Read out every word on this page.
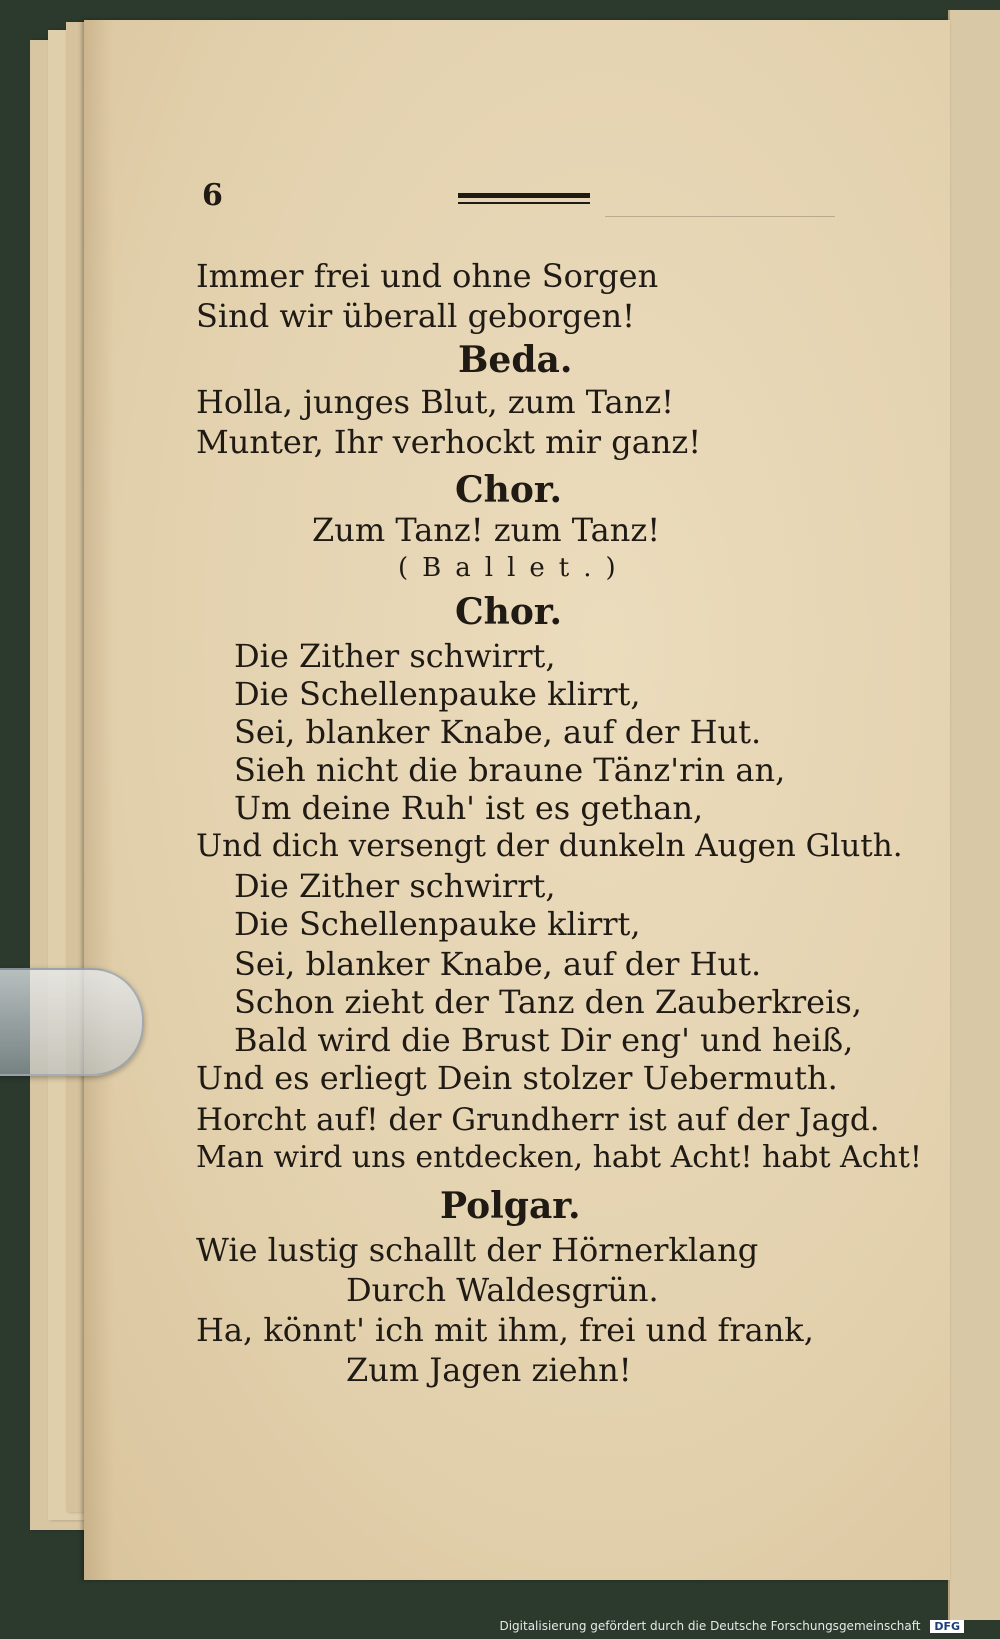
6
Immer frei und ohne Sorgen
Sind wir überall geborgen!
Beda.
Holla, junges Blut, zum Tanz!
Munter, Ihr verhockt mir ganz!
Chor.
Zum Tanz! zum Tanz!
(Ballet.)
Chor.
Die Zither schwirrt,
Die Schellenpauke klirrt,
Sei, blanker Knabe, auf der Hut.
Sieh nicht die braune Tänz'rin an,
Um deine Ruh' ist es gethan,
Und dich versengt der dunkeln Augen Gluth.
Die Zither schwirrt,
Die Schellenpauke klirrt,
Sei, blanker Knabe, auf der Hut.
Schon zieht der Tanz den Zauberkreis,
Bald wird die Brust Dir eng' und heiß,
Und es erliegt Dein stolzer Uebermuth.
Horcht auf! der Grundherr ist auf der Jagd.
Man wird uns entdecken, habt Acht! habt Acht!
Polgar.
Wie lustig schallt der Hörnerklang
Durch Waldesgrün.
Ha, könnt' ich mit ihm, frei und frank,
Zum Jagen ziehn!
Digitalisierung gefördert durch die Deutsche Forschungsgemeinschaft DFG
